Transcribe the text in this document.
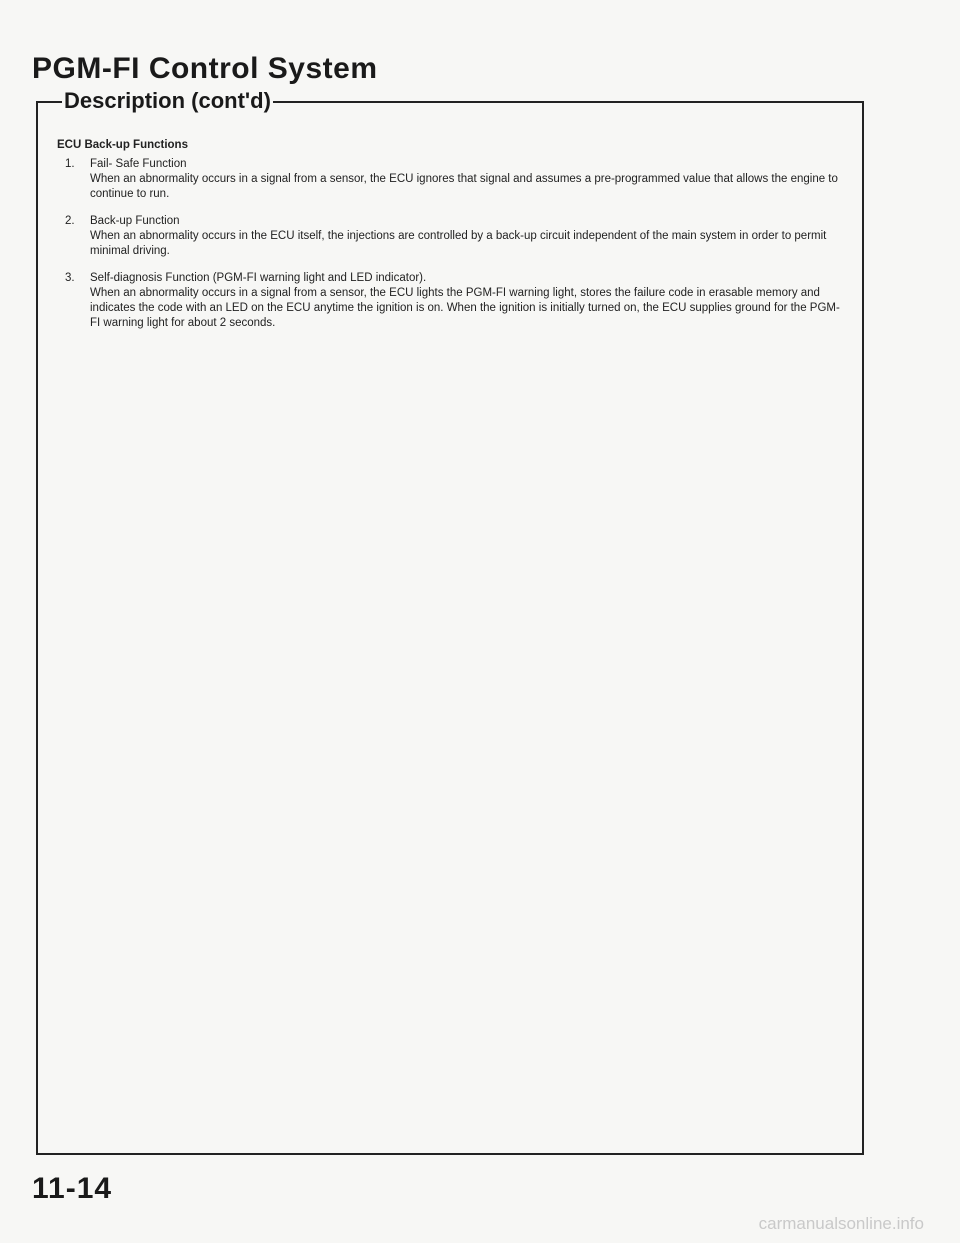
PGM-FI Control System
Description (cont'd)
ECU Back-up Functions
1. Fail- Safe Function
When an abnormality occurs in a signal from a sensor, the ECU ignores that signal and assumes a pre-programmed value that allows the engine to continue to run.
2. Back-up Function
When an abnormality occurs in the ECU itself, the injections are controlled by a back-up circuit independent of the main system in order to permit minimal driving.
3. Self-diagnosis Function (PGM-FI warning light and LED indicator).
When an abnormality occurs in a signal from a sensor, the ECU lights the PGM-FI warning light, stores the failure code in erasable memory and indicates the code with an LED on the ECU anytime the ignition is on. When the ignition is initially turned on, the ECU supplies ground for the PGM-FI warning light for about 2 seconds.
11-14
carmanualsonline.info
